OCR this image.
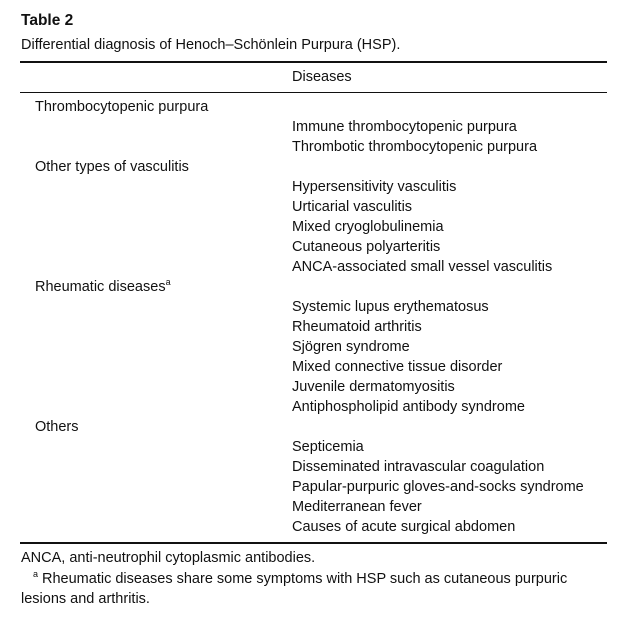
Table 2
Differential diagnosis of Henoch–Schönlein Purpura (HSP).
Diseases
Thrombocytopenic purpura
Immune thrombocytopenic purpura
Thrombotic thrombocytopenic purpura
Other types of vasculitis
Hypersensitivity vasculitis
Urticarial vasculitis
Mixed cryoglobulinemia
Cutaneous polyarteritis
ANCA-associated small vessel vasculitis
Rheumatic diseases$^a$
Systemic lupus erythematosus
Rheumatoid arthritis
Sjögren syndrome
Mixed connective tissue disorder
Juvenile dermatomyositis
Antiphospholipid antibody syndrome
Others
Septicemia
Disseminated intravascular coagulation
Papular-purpuric gloves-and-socks syndrome
Mediterranean fever
Causes of acute surgical abdomen
ANCA, anti-neutrophil cytoplasmic antibodies.
$^a$ Rheumatic diseases share some symptoms with HSP such as cutaneous purpuric lesions and arthritis.
